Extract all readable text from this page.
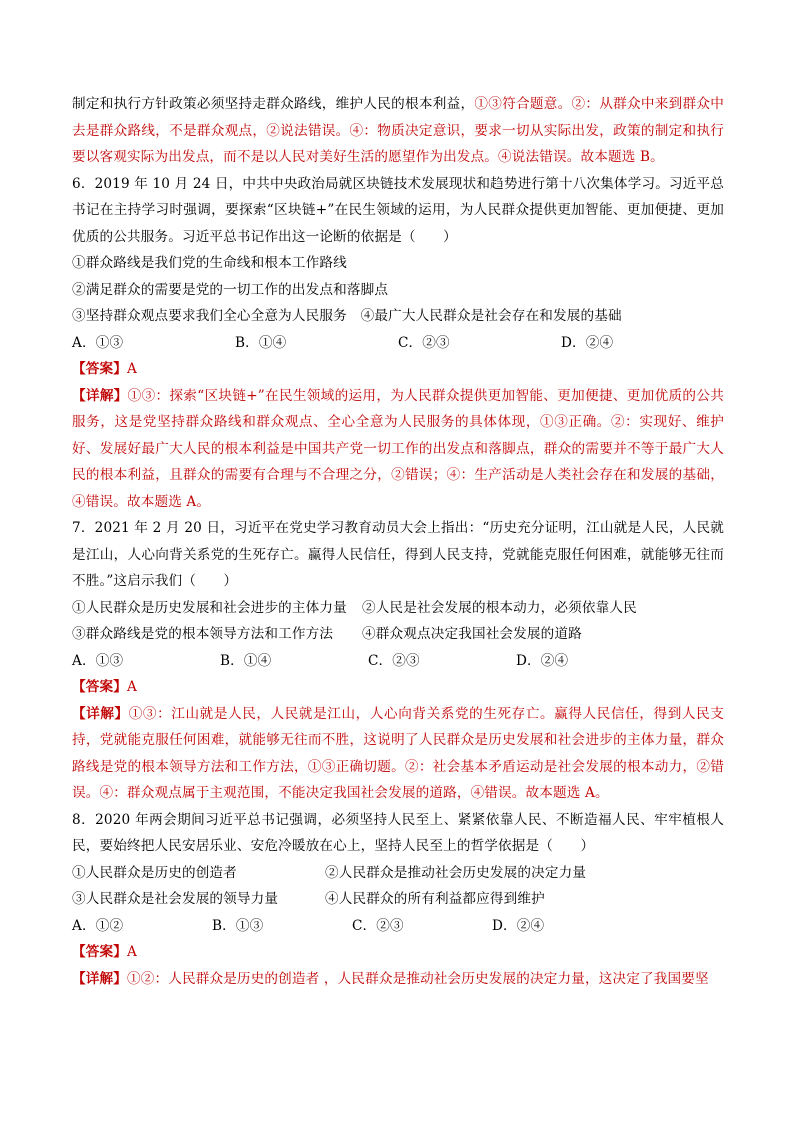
制定和执行方针政策必须坚持走群众路线，维护人民的根本利益，①③符合题意。②：从群众中来到群众中去是群众路线，不是群众观点，②说法错误。④：物质决定意识，要求一切从实际出发，政策的制定和执行要以客观实际为出发点，而不是以人民对美好生活的愿望作为出发点。④说法错误。故本题选 B。

6．2019 年 10 月 24 日，中共中央政治局就区块链技术发展现状和趋势进行第十八次集体学习。习近平总书记在主持学习时强调，要探索“区块链+”在民生领域的运用，为人民群众提供更加智能、更加便捷、更加优质的公共服务。习近平总书记作出这一论断的依据是（　　）

①群众路线是我们党的生命线和根本工作路线

②满足群众的需要是党的一切工作的出发点和落脚点

③坚持群众观点要求我们全心全意为人民服务　④最广大人民群众是社会存在和发展的基础

A．①③	B．①④	C．②③	D．②④

【答案】A

【详解】①③：探索“区块链+”在民生领域的运用，为人民群众提供更加智能、更加便捷、更加优质的公共服务，这是党坚持群众路线和群众观点、全心全意为人民服务的具体体现，①③正确。②：实现好、维护好、发展好最广大人民的根本利益是中国共产党一切工作的出发点和落脚点，群众的需要并不等于最广大人民的根本利益，且群众的需要有合理与不合理之分，②错误；④：生产活动是人类社会存在和发展的基础，④错误。故本题选 A。

7．2021 年 2 月 20 日，习近平在党史学习教育动员大会上指出：“历史充分证明，江山就是人民，人民就是江山，人心向背关系党的生死存亡。赢得人民信任，得到人民支持，党就能克服任何困难，就能够无往而不胜。”这启示我们（　　）

①人民群众是历史发展和社会进步的主体力量	②人民是社会发展的根本动力，必须依靠人民
③群众路线是党的根本领导方法和工作方法	④群众观点决定我国社会发展的道路
A．①③	B．①④	C．②③	D．②④

【答案】A

【详解】①③：江山就是人民，人民就是江山，人心向背关系党的生死存亡。赢得人民信任，得到人民支持，党就能克服任何困难，就能够无往而不胜，这说明了人民群众是历史发展和社会进步的主体力量，群众路线是党的根本领导方法和工作方法，①③正确切题。②：社会基本矛盾运动是社会发展的根本动力，②错误。④：群众观点属于主观范围，不能决定我国社会发展的道路，④错误。故本题选 A。

8．2020 年两会期间习近平总书记强调，必须坚持人民至上、紧紧依靠人民、不断造福人民、牢牢植根人民，要始终把人民安居乐业、安危冷暖放在心上，坚持人民至上的哲学依据是（　　）

①人民群众是历史的创造者	②人民群众是推动社会历史发展的决定力量
③人民群众是社会发展的领导力量	④人民群众的所有利益都应得到维护
A．①②	B．①③	C．②③	D．②④

【答案】A

【详解】①②：人民群众是历史的创造者 ，人民群众是推动社会历史发展的决定力量，这决定了我国要坚
